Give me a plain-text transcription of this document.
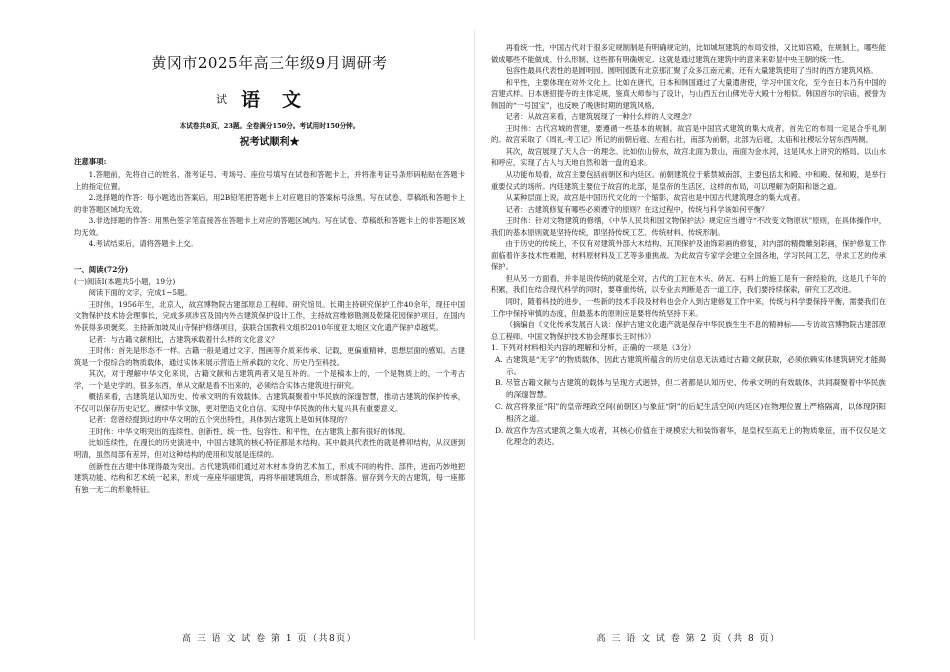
黄冈市2025年高三年级9月调研考
试 语文
本试卷共8页，23题。全卷满分150分。考试用时150分钟。
祝考试顺利★
注意事项:

1.答题前，先将自己的姓名、准考证号、考场号、座位号填写在试卷和答题卡上，并将准考证号条形码粘贴在答题卡上的指定位置。

2.选择题的作答：每小题选出答案后，用2B铅笔把答题卡上对应题目的答案标号涂黑。写在试卷、草稿纸和答题卡上的非答题区域均无效。

3.非选择题的作答：用黑色签字笔直接答在答题卡上对应的答题区域内。写在试卷、草稿纸和答题卡上的非答题区域均无效。

4.考试结束后，请将答题卡上交。

一、阅读(72分)

(一)阅读Ⅰ(本题共5小题，19分)

阅读下面的文字，完成1~5题。

王时伟，1956年生，北京人，故宫博物院古建部原总工程师、研究馆员。长期主持研究保护工作40余年，现任中国文物保护技术协会理事长，完成多项涉宫及国内外古建筑保护设计工作，主持故宫维修勘测及乾隆花园保护项目，在国内外获得多项褒奖。主持新加坡凤山寺保护修缮项目，获联合国教科文组织2010年度亚太地区文化遗产保护卓越奖。

记者：与古籍文献相比，古建筑承载着什么样的文化意义？

王时伟：首先是形态不一样。古籍一般是通过文字、图画等介质来传承、记载，更偏重精神、思想层面的感知。古建筑是一个很综合的物质载体，通过实体来展示营造上所承载的文化、历史乃至科技。

其次，对于理解中华文化来说，古籍文献和古建筑两者又是互补的。一个是稿本上的，一个是物质上的，一个考古学，一个是史学的。很多东西，单从文献是看不出来的，必须结合实体古建筑进行研究。

概括来看，古建筑是认知历史、传承文明的有效载体。古建筑凝聚着中华民族的深邃智慧，推动古建筑的保护传承，不仅可以保存历史记忆、赓续中华文脉，更对塑造文化自信、实现中华民族的伟大复兴具有重要意义。

记者：您曾经提到过的中华文明的五个突出特性，具体到古建筑上是如何体现的？

王时伟：中华文明突出的连续性、创新性、统一性、包容性、和平性，在古建筑上都有很好的体现。

比如连续性，在漫长的历史演进中，中国古建筑的核心特征都是木结构。其中最具代表性的就是榫卯结构，从汉唐到明清，虽然局部有差异，但对这种结构的使用和发展是连续的。

创新性在古建中体现得最为突出。古代建筑师们通过对木材本身的艺术加工，形成不同的构件、部件，进而巧妙地把建筑功能、结构和艺术统一起来，形成一座座华丽建筑，再将华丽建筑组合，形成群落。留存到今天的古建筑，每一座都有独一无二的形象特征。

高 三 语 文 试 卷 第 1 页（共8页）

再看统一性，中国古代对于很多定规制制是有明确规定的，比如城垣建筑的布局安排，又比如宫殿，在规制上，哪些能做成哪些不能做成、什么形制、这些都有明确规定。这就是通过建筑在建筑中的意来来彰显中央王朝的统一性。

包容性最具代表性的是圆明园。圆明园既有北京那汇聚了众多江南元素，还有大量建筑使用了当时的西方建筑风格。

和平性，主要体现在对外文化上。比如在唐代，日本和韩国通过了大量遣唐使，学习中国文化，至今在日本乃有中国的宫建式样。日本唐招提寺的主体定规，鉴真大师参与了设计，与山西五台山佛光寺大殿十分相似。韩国首尔的宗庙，被誉为韩国的“一号国宝”，也反映了晚唐时期的建筑风格。

记者：从故宫来看，古建筑展现了一种什么样的人文理念？

王时伟：古代宫城的营建，要遵循一些基本的规制。故宫是中国宫式建筑的集大成者，首先它的布局一定是合乎礼制的。故宫采取了《周礼·考工记》所记的前朝后寝、左祖右社，南部为前朝，北部为后寝，太庙和社稷坛分居东西两侧。

其次，故宫展现了天人合一的理念。比如依山傍水，故宫北面为景山，南面为金水河，这是风水上讲究的格局。以山水和呼应，实现了古人与天地自然和谐一盘的追求。

从功能布局看，故宫主要包括前朝区和内廷区。前朝建筑位于紫禁城南部，主要包括太和殿、中和殿、保和殿，是举行重要仪式的场所。内廷建筑主要位于故宫的北部，是皇帝的生活区，这样的布局，可以理解为阴阳和谐之道。

从某种层面上说，故宫是中国历代文化的一个缩影，故宫也是中国古代建筑理念的集大成者。

记者：古建筑修复有哪些必须遵守的原则？在这过程中，传统与科学该如何平衡？

王时伟：针对文物建筑的修缮，《中华人民共和国文物保护法》规定应当遵守“不改变文物原状”原则，在具体操作中，我们的基本原则就是坚持传统，即坚持传统工艺、传统材料、传统形制。

由于历史的传统上，不仅有对建筑外部大木结构、瓦顶保护及油饰彩画的修复，对内部的精微雕刻彩画，保护修复工作面临着许多技术性难题，材料原材料及工艺等多重挑战。为此故宫专家学会建立全国各地，学习民间工艺，寻求工艺的传承保护。

但从另一方面看，并非是说传统的就是全对，古代的工匠在木头、砖瓦、石料上的施工是有一套经验的，这是几千年的积累，我们在结合现代科学的同时，要尊重传统，以专业去判断是否一道工序，我们要持续探索，研究工艺改进。

同时，随着科技的进步，一些新的技术手段及材料也会介入到古建修复工作中来，传统与科学要保持平衡，需要我们在工作中保持审慎的态度，但最基本的原则应是要将传统坚持下来。

（摘编自《文化传承发展百人谈：保护古建文化遗产就是保存中华民族生生不息的精神标——专访故宫博物院古建部原总工程师、中国文物保护技术协会理事长王时伟》）

1. 下列对材料相关内容的理解和分析，正确的一项是（3分）

A. 古建筑是“无字”的物质载体，因此古建筑所蕴含的历史信息无法通过古籍文献获取，必须依赖实体建筑研究才能揭示。

B. 尽管古籍文献与古建筑的载体与呈现方式迥异，但二者都是认知历史、传承文明的有效载体，共同凝聚着中华民族的深邃智慧。

C. 故宫将象征“阳”的皇帝理政空间(前朝区)与象征“阴”的后妃生活空间(内廷区)在物理位置上严格隔离，以体现阴阳相济之道。

D. 故宫作为宫式建筑之集大成者，其核心价值在于规模宏大和装饰奢华，是皇权至高无上的物质象征，而不仅仅是文化理念的表达。

高 三 语 文 试 卷 第 2 页（共 8 页）
